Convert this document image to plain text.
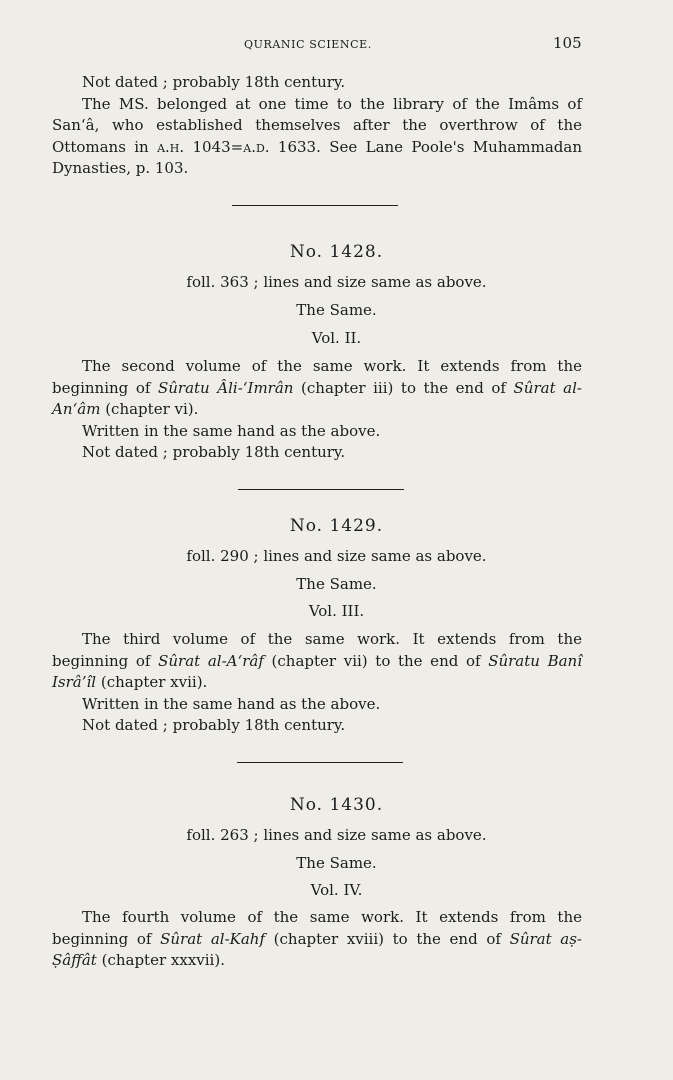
QURANIC SCIENCE.	105

Not dated ; probably 18th century.

The MS. belonged at one time to the library of the Imâms of San‘â, who established themselves after the overthrow of the Ottomans in a.h. 1043=a.d. 1633. See Lane Poole's Muhammadan Dynasties, p. 103.

No. 1428.
foll. 363 ; lines and size same as above.
The Same.
Vol. II.

The second volume of the same work. It extends from the beginning of Sûratu Âli-‘Imrân (chapter iii) to the end of Sûrat al-An‘âm (chapter vi).

Written in the same hand as the above.

Not dated ; probably 18th century.

No. 1429.
foll. 290 ; lines and size same as above.
The Same.
Vol. III.

The third volume of the same work. It extends from the beginning of Sûrat al-A‘râf (chapter vii) to the end of Sûratu Banî Isrâ’îl (chapter xvii).

Written in the same hand as the above.

Not dated ; probably 18th century.

No. 1430.
foll. 263 ; lines and size same as above.
The Same.
Vol. IV.

The fourth volume of the same work. It extends from the beginning of Sûrat al-Kahf (chapter xviii) to the end of Sûrat aṣ-Ṣâffât (chapter xxxvii).
